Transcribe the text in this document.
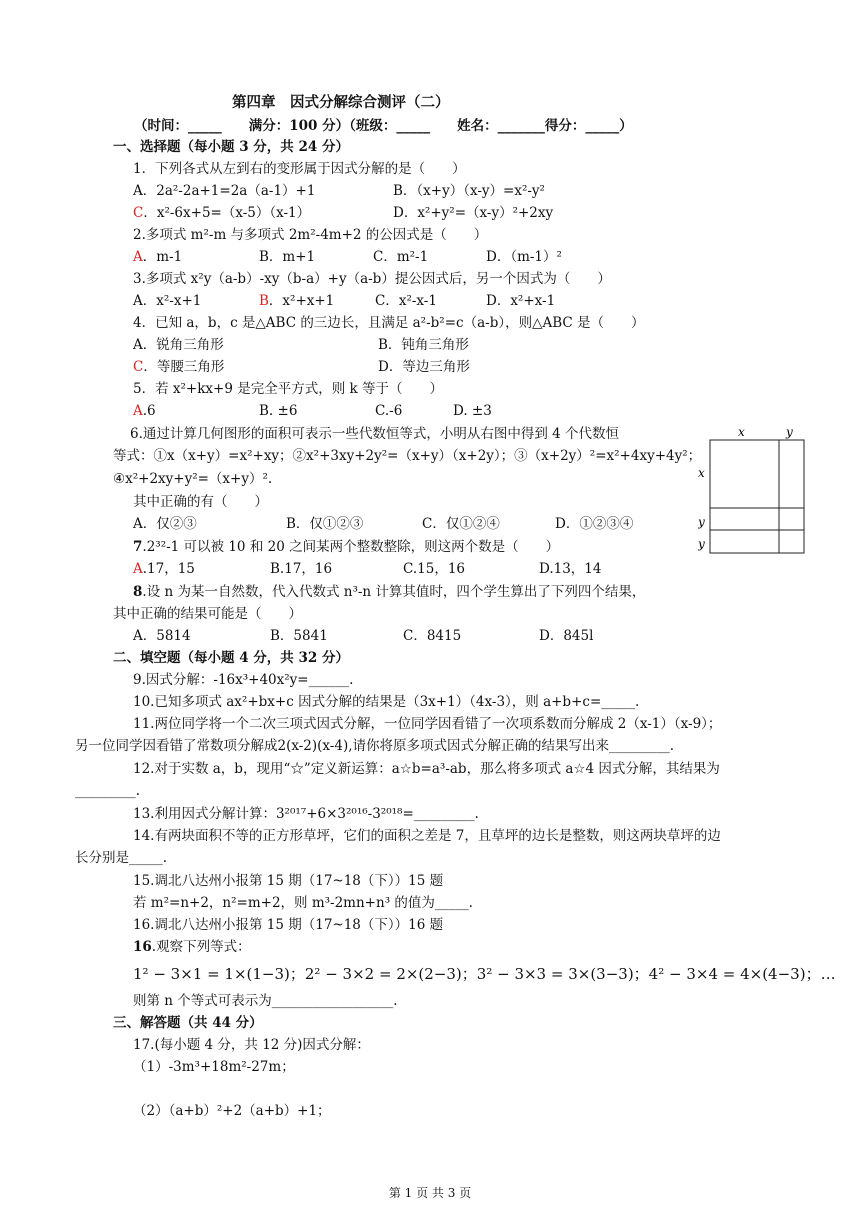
第四章　因式分解综合测评（二）
（时间：_____　　满分：100 分）（班级：_____　　姓名：_______得分：_____）
一、选择题（每小题 3 分，共 24 分）
1．下列各式从左到右的变形属于因式分解的是（　　）
A．2a²-2a+1=2a（a-1）+1	B．（x+y）（x-y）=x²-y²
C．x²-6x+5=（x-5）（x-1）	D．x²+y²=（x-y）²+2xy
2.多项式 m²-m 与多项式 2m²-4m+2 的公因式是（　　）
A．m-1	B．m+1	C．m²-1	D．（m-1）²
3.多项式 x²y（a-b）-xy（b-a）+y（a-b）提公因式后，另一个因式为（　　）
A．x²-x+1	B．x²+x+1	C．x²-x-1	D．x²+x-1
4．已知 a，b，c 是△ABC 的三边长，且满足 a²-b²=c（a-b），则△ABC 是（　　）
A．锐角三角形	B．钝角三角形
C．等腰三角形	D．等边三角形
5．若 x²+kx+9 是完全平方式，则 k 等于（　　）
A.6	B. ±6	C.-6	D. ±3
6.通过计算几何图形的面积可表示一些代数恒等式，小明从右图中得到 4 个代数恒
等式：①x（x+y）=x²+xy；②x²+3xy+2y²=（x+y）（x+2y）；③（x+2y）²=x²+4xy+4y²；
④x²+2xy+y²=（x+y）².
其中正确的有（　　）
A．仅②③	B．仅①②③	C．仅①②④	D．①②③④
7.2³²-1 可以被 10 和 20 之间某两个整数整除，则这两个数是（　　）
A.17，15	B.17，16	C.15，16	D.13，14
8.设 n 为某一自然数，代入代数式 n³-n 计算其值时，四个学生算出了下列四个结果，
其中正确的结果可能是（　　）
A．5814	B．5841	C．8415	D．845l
x	y
x
y
y
二、填空题（每小题 4 分，共 32 分）
9.因式分解：-16x³+40x²y=______.
10.已知多项式 ax²+bx+c 因式分解的结果是（3x+1）（4x-3），则 a+b+c=_____.
11.两位同学将一个二次三项式因式分解，一位同学因看错了一次项系数而分解成 2（x-1）（x-9）；
另一位同学因看错了常数项分解成2(x-2)(x-4),请你将原多项式因式分解正确的结果写出来_________.
12.对于实数 a，b，现用“☆”定义新运算：a☆b=a³-ab，那么将多项式 a☆4 因式分解，其结果为
_________.
13.利用因式分解计算：3²⁰¹⁷+6×3²⁰¹⁶-3²⁰¹⁸=_________.
14.有两块面积不等的正方形草坪，它们的面积之差是 7，且草坪的边长是整数，则这两块草坪的边
长分别是_____.
15.调北八达州小报第 15 期（17~18（下））15 题
若 m²=n+2，n²=m+2，则 m³-2mn+n³ 的值为_____.
16.调北八达州小报第 15 期（17~18（下））16 题
16.观察下列等式：
1² − 3×1 = 1×(1−3)；2² − 3×2 = 2×(2−3)；3² − 3×3 = 3×(3−3)；4² − 3×4 = 4×(4−3)；…
则第 n 个等式可表示为__________________.
三、解答题（共 44 分）
17.(每小题 4 分，共 12 分)因式分解：
（1）-3m³+18m²-27m；
（2）（a+b）²+2（a+b）+1；
第 1 页 共 3 页
